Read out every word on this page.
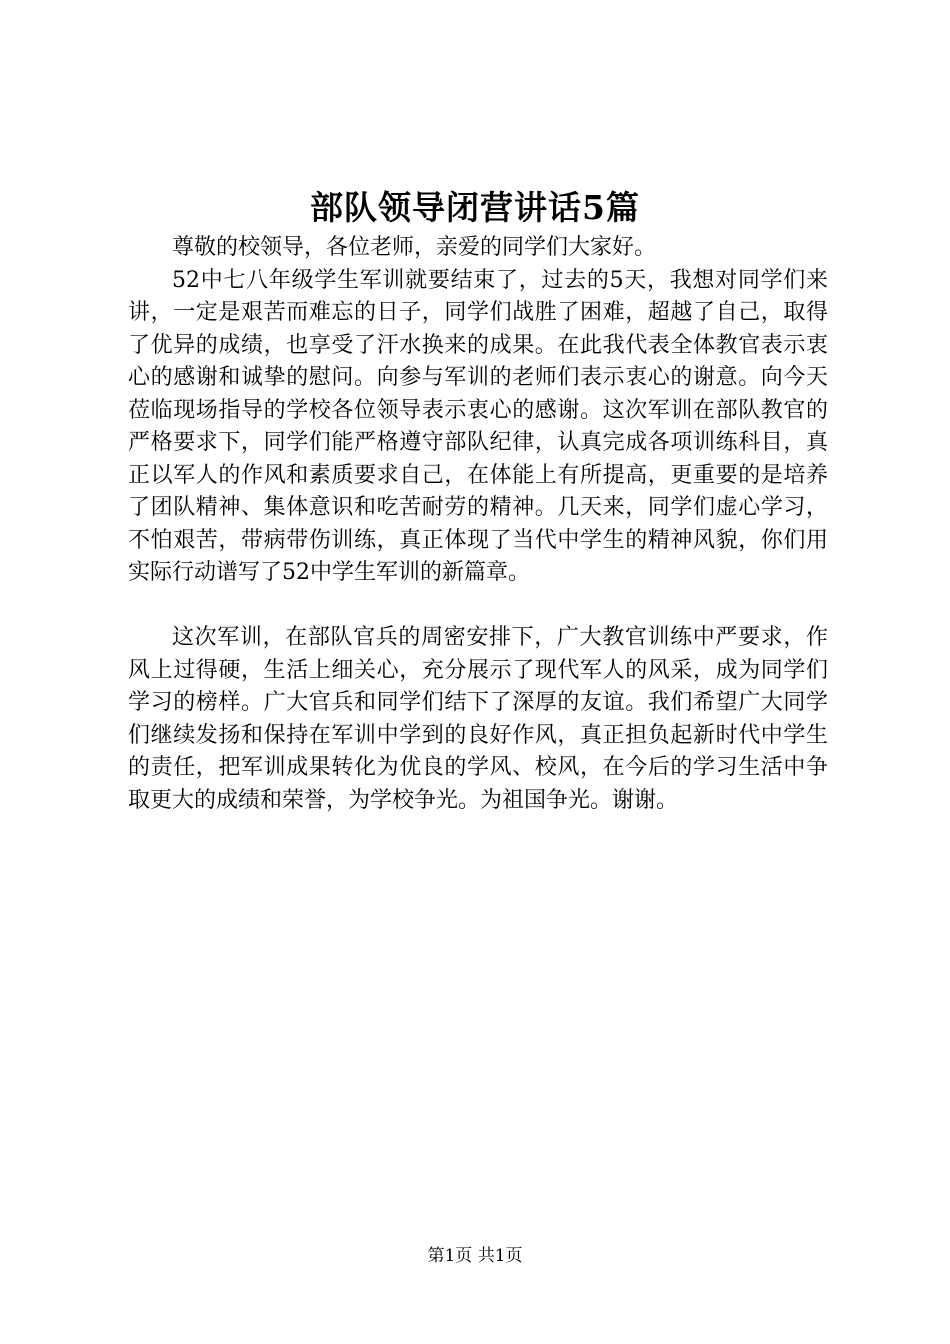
部队领导闭营讲话5篇

尊敬的校领导，各位老师，亲爱的同学们大家好。

52中七八年级学生军训就要结束了，过去的5天，我想对同学们来讲，一定是艰苦而难忘的日子，同学们战胜了困难，超越了自己，取得了优异的成绩，也享受了汗水换来的成果。在此我代表全体教官表示衷心的感谢和诚挚的慰问。向参与军训的老师们表示衷心的谢意。向今天莅临现场指导的学校各位领导表示衷心的感谢。这次军训在部队教官的严格要求下，同学们能严格遵守部队纪律，认真完成各项训练科目，真正以军人的作风和素质要求自己，在体能上有所提高，更重要的是培养了团队精神、集体意识和吃苦耐劳的精神。几天来，同学们虚心学习，不怕艰苦，带病带伤训练，真正体现了当代中学生的精神风貌，你们用实际行动谱写了52中学生军训的新篇章。

这次军训，在部队官兵的周密安排下，广大教官训练中严要求，作风上过得硬，生活上细关心，充分展示了现代军人的风采，成为同学们学习的榜样。广大官兵和同学们结下了深厚的友谊。我们希望广大同学们继续发扬和保持在军训中学到的良好作风，真正担负起新时代中学生的责任，把军训成果转化为优良的学风、校风，在今后的学习生活中争取更大的成绩和荣誉，为学校争光。为祖国争光。谢谢。

第1页 共1页
